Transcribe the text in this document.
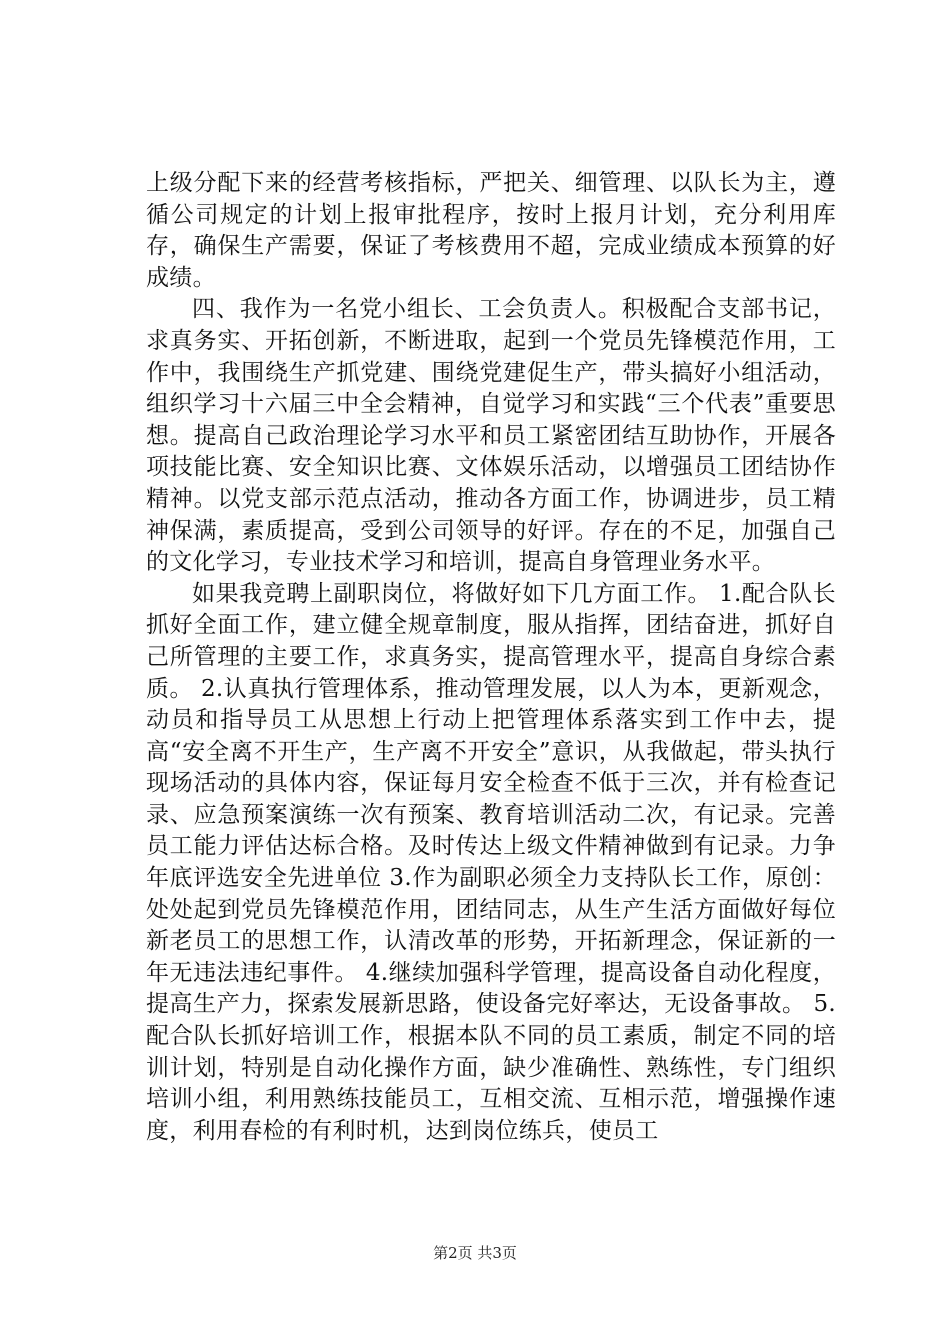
上级分配下来的经营考核指标，严把关、细管理、以队长为主，遵循公司规定的计划上报审批程序，按时上报月计划，充分利用库存，确保生产需要，保证了考核费用不超，完成业绩成本预算的好成绩。

四、我作为一名党小组长、工会负责人。积极配合支部书记，求真务实、开拓创新，不断进取，起到一个党员先锋模范作用，工作中，我围绕生产抓党建、围绕党建促生产，带头搞好小组活动，组织学习十六届三中全会精神，自觉学习和实践“三个代表”重要思想。提高自己政治理论学习水平和员工紧密团结互助协作，开展各项技能比赛、安全知识比赛、文体娱乐活动，以增强员工团结协作精神。以党支部示范点活动，推动各方面工作，协调进步，员工精神保满，素质提高，受到公司领导的好评。存在的不足，加强自己的文化学习，专业技术学习和培训，提高自身管理业务水平。

如果我竞聘上副职岗位，将做好如下几方面工作。 1.配合队长抓好全面工作，建立健全规章制度，服从指挥，团结奋进，抓好自己所管理的主要工作，求真务实，提高管理水平，提高自身综合素质。 2.认真执行管理体系，推动管理发展，以人为本，更新观念，动员和指导员工从思想上行动上把管理体系落实到工作中去，提高“安全离不开生产，生产离不开安全”意识，从我做起，带头执行现场活动的具体内容，保证每月安全检查不低于三次，并有检查记录、应急预案演练一次有预案、教育培训活动二次，有记录。完善员工能力评估达标合格。及时传达上级文件精神做到有记录。力争年底评选安全先进单位 3.作为副职必须全力支持队长工作，原创：处处起到党员先锋模范作用，团结同志，从生产生活方面做好每位新老员工的思想工作，认清改革的形势，开拓新理念，保证新的一年无违法违纪事件。 4.继续加强科学管理，提高设备自动化程度，提高生产力，探索发展新思路，使设备完好率达，无设备事故。 5.配合队长抓好培训工作，根据本队不同的员工素质，制定不同的培训计划，特别是自动化操作方面，缺少准确性、熟练性，专门组织培训小组，利用熟练技能员工，互相交流、互相示范，增强操作速度，利用春检的有利时机，达到岗位练兵，使员工

第2页 共3页
